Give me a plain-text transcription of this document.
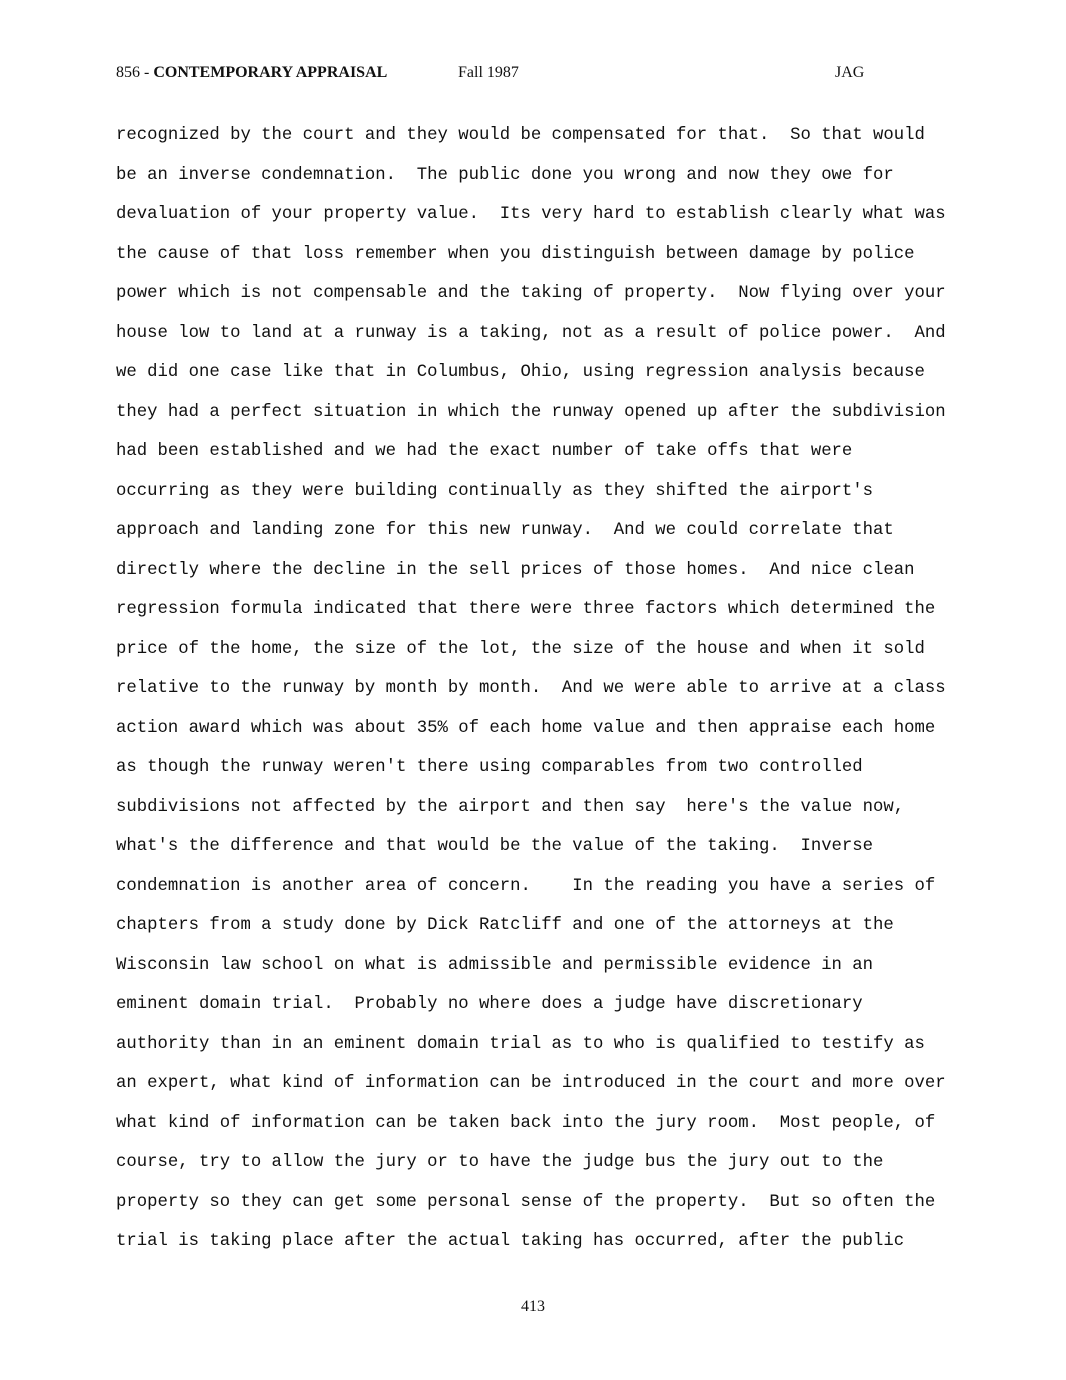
856 - CONTEMPORARY APPRAISAL	Fall 1987	JAG
recognized by the court and they would be compensated for that.  So that would
be an inverse condemnation.  The public done you wrong and now they owe for
devaluation of your property value.  Its very hard to establish clearly what was
the cause of that loss remember when you distinguish between damage by police
power which is not compensable and the taking of property.  Now flying over your
house low to land at a runway is a taking, not as a result of police power.  And
we did one case like that in Columbus, Ohio, using regression analysis because
they had a perfect situation in which the runway opened up after the subdivision
had been established and we had the exact number of take offs that were
occurring as they were building continually as they shifted the airport's
approach and landing zone for this new runway.  And we could correlate that
directly where the decline in the sell prices of those homes.  And nice clean
regression formula indicated that there were three factors which determined the
price of the home, the size of the lot, the size of the house and when it sold
relative to the runway by month by month.  And we were able to arrive at a class
action award which was about 35% of each home value and then appraise each home
as though the runway weren't there using comparables from two controlled
subdivisions not affected by the airport and then say  here's the value now,
what's the difference and that would be the value of the taking.  Inverse
condemnation is another area of concern.    In the reading you have a series of
chapters from a study done by Dick Ratcliff and one of the attorneys at the
Wisconsin law school on what is admissible and permissible evidence in an
eminent domain trial.  Probably no where does a judge have discretionary
authority than in an eminent domain trial as to who is qualified to testify as
an expert, what kind of information can be introduced in the court and more over
what kind of information can be taken back into the jury room.  Most people, of
course, try to allow the jury or to have the judge bus the jury out to the
property so they can get some personal sense of the property.  But so often the
trial is taking place after the actual taking has occurred, after the public
413
